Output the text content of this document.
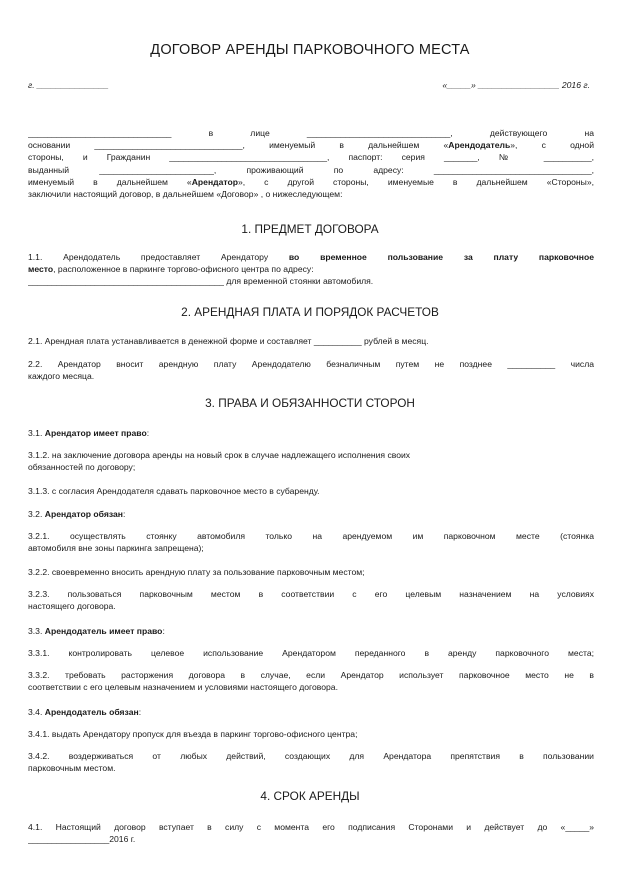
ДОГОВОР АРЕНДЫ ПАРКОВОЧНОГО МЕСТА
г. _______________	«_____» _________________ 2016 г.
______________________________ в лице ______________________________, действующего на
основании _______________________________, именуемый в дальнейшем «Арендодатель», с одной
стороны, и Гражданин _________________________________, паспорт: серия _______, № __________,
выданный ________________________, проживающий по адресу: _________________________________,
именуемый в дальнейшем «Арендатор», с другой стороны, именуемые в дальнейшем «Стороны»,
заключили настоящий договор, в дальнейшем «Договор» , о нижеследующем:
1. ПРЕДМЕТ ДОГОВОРА
1.1. Арендодатель предоставляет Арендатору во временное пользование за плату парковочное
место, расположенное в паркинге торгово-офисного центра по адресу:
_________________________________________ для временной стоянки автомобиля.
2. АРЕНДНАЯ ПЛАТА И ПОРЯДОК РАСЧЕТОВ
2.1. Арендная плата устанавливается в денежной форме и составляет __________ рублей в месяц.
2.2. Арендатор вносит арендную плату Арендодателю безналичным путем не позднее __________ числа
каждого месяца.
3. ПРАВА И ОБЯЗАННОСТИ СТОРОН
3.1. Арендатор имеет право:
3.1.2. на заключение договора аренды на новый срок в случае надлежащего исполнения своих
обязанностей по договору;
3.1.3. с согласия Арендодателя сдавать парковочное место в субаренду.
3.2. Арендатор обязан:
3.2.1. осуществлять стоянку автомобиля только на арендуемом им парковочном месте (стоянка
автомобиля вне зоны паркинга запрещена);
3.2.2. своевременно вносить арендную плату за пользование парковочным местом;
3.2.3. пользоваться парковочным местом в соответствии с его целевым назначением на условиях
настоящего договора.
3.3. Арендодатель имеет право:
3.3.1. контролировать целевое использование Арендатором переданного в аренду парковочного места;
3.3.2. требовать расторжения договора в случае, если Арендатор использует парковочное место не в
соответствии с его целевым назначением и условиями настоящего договора.
3.4. Арендодатель обязан:
3.4.1. выдать Арендатору пропуск для въезда в паркинг торгово-офисного центра;
3.4.2. воздерживаться от любых действий, создающих для Арендатора препятствия в пользовании
парковочным местом.
4. СРОК АРЕНДЫ
4.1. Настоящий договор вступает в силу с момента его подписания Сторонами и действует до «_____»
_________________2016 г.
